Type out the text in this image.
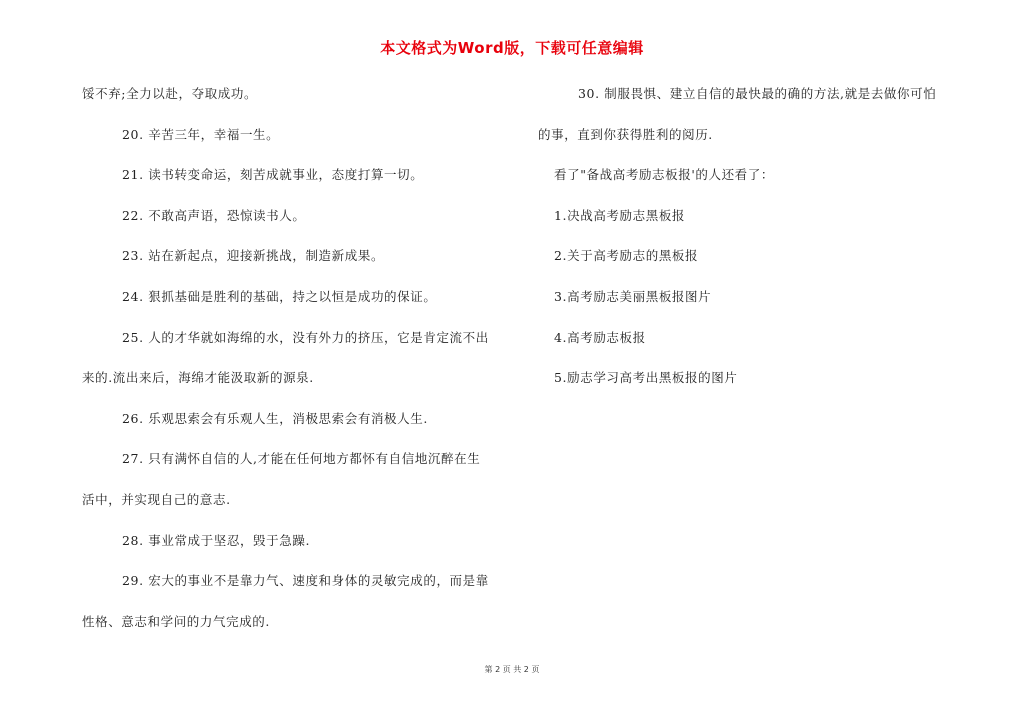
本文格式为Word版，下载可任意编辑
馁不弃;全力以赴，夺取成功。
20. 辛苦三年，幸福一生。
21. 读书转变命运，刻苦成就事业，态度打算一切。
22. 不敢高声语，恐惊读书人。
23. 站在新起点，迎接新挑战，制造新成果。
24. 狠抓基础是胜利的基础，持之以恒是成功的保证。
25. 人的才华就如海绵的水，没有外力的挤压，它是肯定流不出
来的.流出来后，海绵才能汲取新的源泉.
26. 乐观思索会有乐观人生，消极思索会有消极人生.
27. 只有满怀自信的人,才能在任何地方都怀有自信地沉醉在生
活中，并实现自己的意志.
28. 事业常成于坚忍，毁于急躁.
29. 宏大的事业不是靠力气、速度和身体的灵敏完成的，而是靠
性格、意志和学问的力气完成的.
30. 制服畏惧、建立自信的最快最的确的方法,就是去做你可怕
的事，直到你获得胜利的阅历.
看了"备战高考励志板报'的人还看了：
1.决战高考励志黑板报
2.关于高考励志的黑板报
3.高考励志美丽黑板报图片
4.高考励志板报
5.励志学习高考出黑板报的图片
第 2 页 共 2 页
